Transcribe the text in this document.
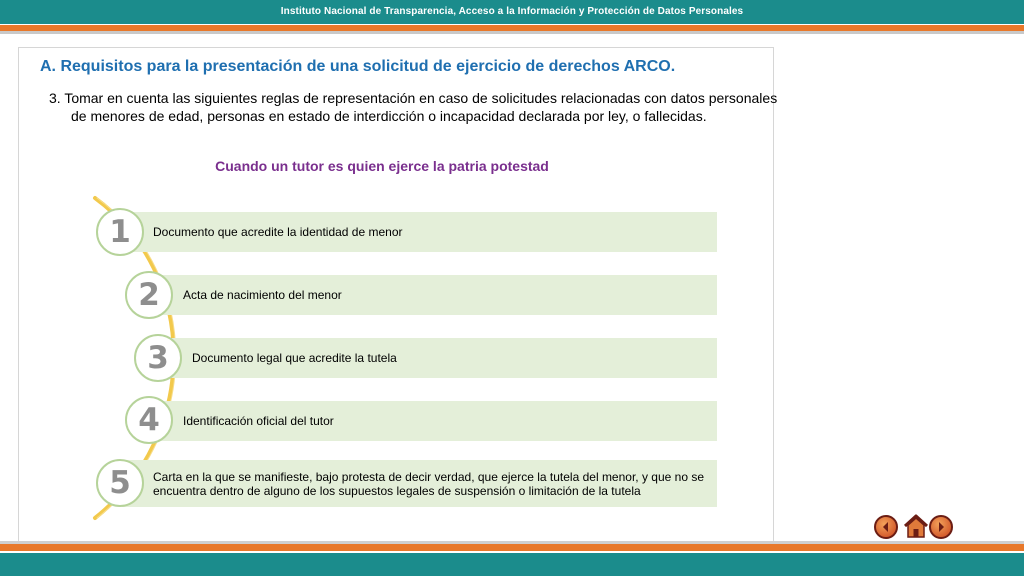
Instituto Nacional de Transparencia, Acceso a la Información y Protección de Datos Personales
A. Requisitos para la presentación de una solicitud de ejercicio de derechos ARCO.

3. Tomar en cuenta las siguientes reglas de representación en caso de solicitudes relacionadas con datos personales de menores de edad, personas en estado de interdicción o incapacidad declarada por ley, o fallecidas.

Cuando un tutor es quien ejerce la patria potestad

Documento que acredite la identidad de menor
1
Acta de nacimiento del menor
2
Documento legal que acredite la tutela
3
Identificación oficial del tutor
4
Carta en la que se manifieste, bajo protesta de decir verdad, que ejerce la tutela del menor, y que no se encuentra dentro de alguno de los supuestos legales de suspensión o limitación de la tutela
5
